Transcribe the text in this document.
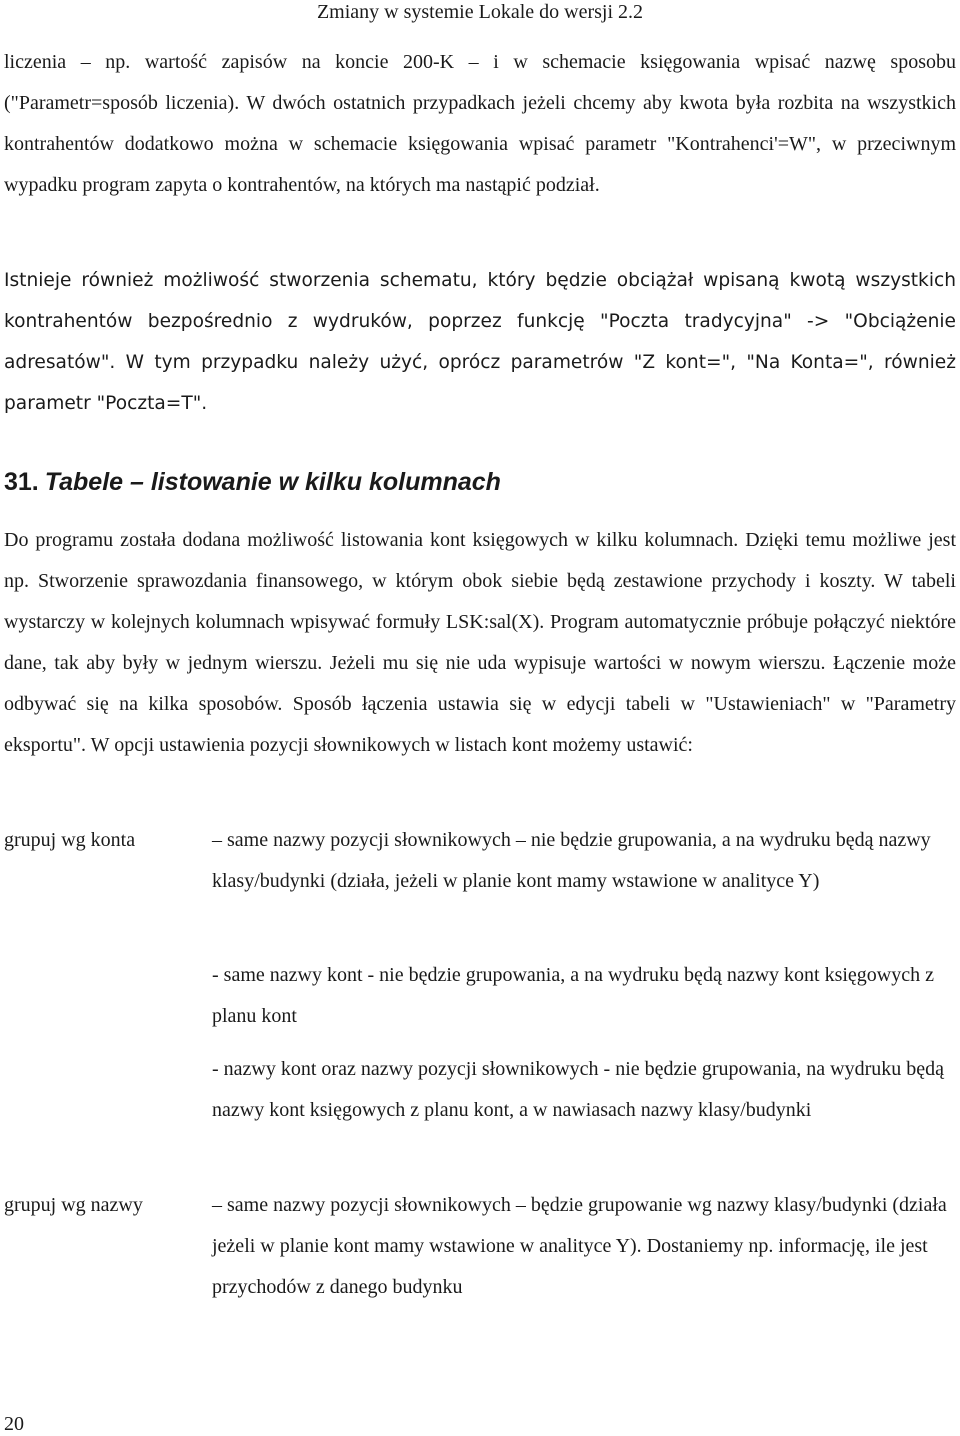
Zmiany w systemie Lokale do wersji 2.2

liczenia – np. wartość zapisów na koncie 200-K – i w schemacie księgowania wpisać nazwę sposobu ("Parametr=sposób liczenia). W dwóch ostatnich przypadkach jeżeli chcemy aby kwota była rozbita na wszystkich kontrahentów dodatkowo można w schemacie księgowania wpisać parametr "Kontrahenci'=W", w przeciwnym wypadku program zapyta o kontrahentów, na których ma nastąpić podział.

Istnieje również możliwość stworzenia schematu, który będzie obciążał wpisaną kwotą wszystkich kontrahentów bezpośrednio z wydruków, poprzez funkcję "Poczta tradycyjna" -> "Obciążenie adresatów". W tym przypadku należy użyć, oprócz parametrów "Z kont=", "Na Konta=", również parametr "Poczta=T".

31. Tabele – listowanie w kilku kolumnach

Do programu została dodana możliwość listowania kont księgowych w kilku kolumnach. Dzięki temu możliwe jest np. Stworzenie sprawozdania finansowego, w którym obok siebie będą zestawione przychody i koszty. W tabeli wystarczy w kolejnych kolumnach wpisywać formuły LSK:sal(X). Program automatycznie próbuje połączyć niektóre dane, tak aby były w jednym wierszu. Jeżeli mu się nie uda wypisuje wartości w nowym wierszu. Łączenie może odbywać się na kilka sposobów. Sposób łączenia ustawia się w edycji tabeli w "Ustawieniach" w "Parametry eksportu". W opcji ustawienia pozycji słownikowych w listach kont możemy ustawić:

grupuj wg konta	– same nazwy pozycji słownikowych – nie będzie grupowania, a na wydruku będą nazwy klasy/budynki (działa, jeżeli w planie kont mamy wstawione w analityce Y)

- same nazwy kont - nie będzie grupowania, a na wydruku będą nazwy kont księgowych z planu kont

- nazwy kont oraz nazwy pozycji słownikowych - nie będzie grupowania, na wydruku będą nazwy kont księgowych z planu kont, a w nawiasach nazwy klasy/budynki

grupuj wg nazwy	– same nazwy pozycji słownikowych – będzie grupowanie wg nazwy klasy/budynki (działa jeżeli w planie kont mamy wstawione w analityce Y). Dostaniemy np. informację, ile jest przychodów z danego budynku

20
